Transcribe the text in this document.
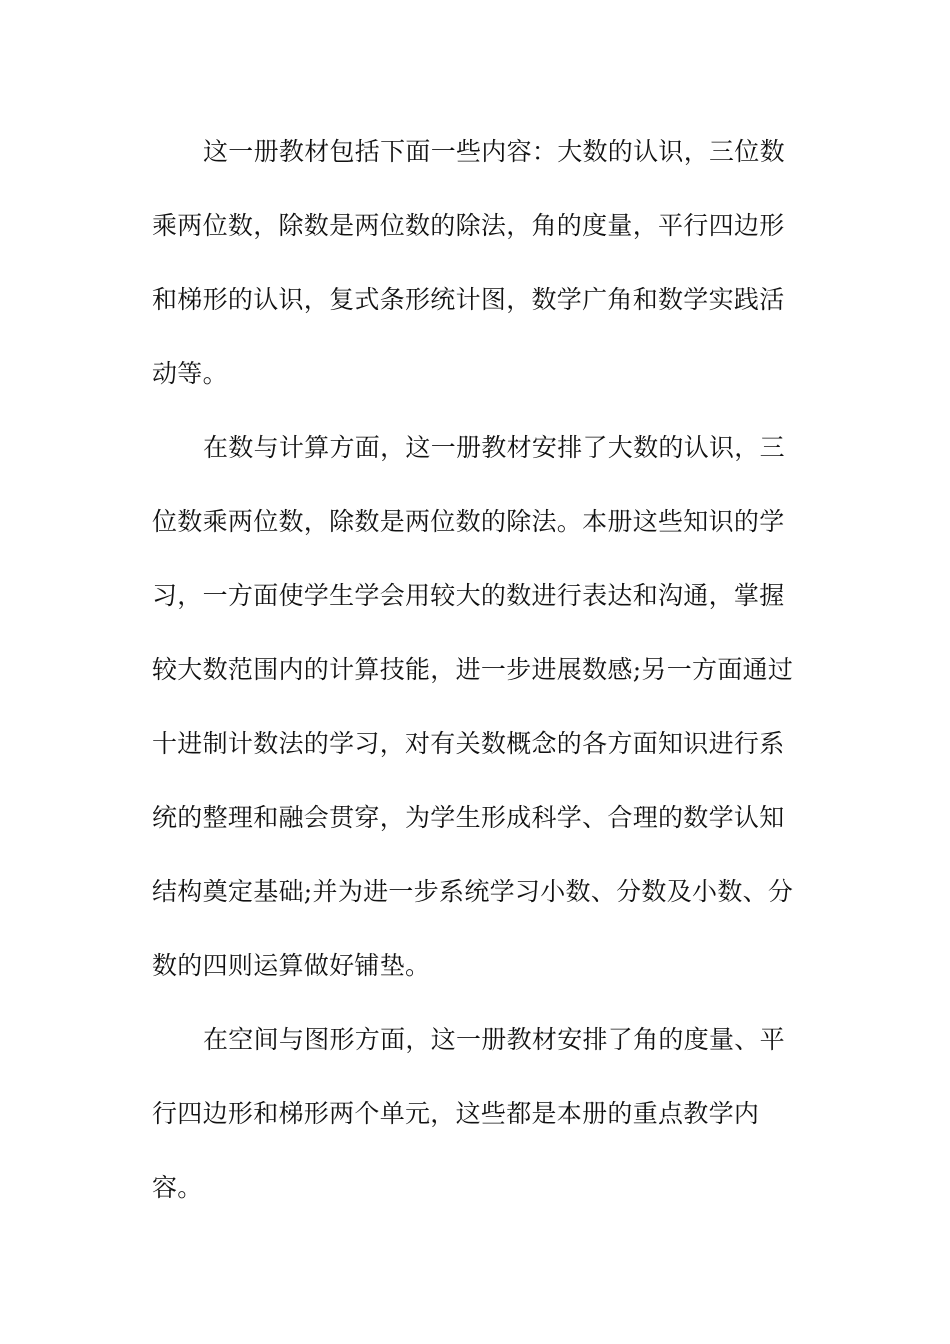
这一册教材包括下面一些内容：大数的认识，三位数
乘两位数，除数是两位数的除法，角的度量，平行四边形
和梯形的认识，复式条形统计图，数学广角和数学实践活
动等。
在数与计算方面，这一册教材安排了大数的认识，三
位数乘两位数，除数是两位数的除法。本册这些知识的学
习，一方面使学生学会用较大的数进行表达和沟通，掌握
较大数范围内的计算技能，进一步进展数感;另一方面通过
十进制计数法的学习，对有关数概念的各方面知识进行系
统的整理和融会贯穿，为学生形成科学、合理的数学认知
结构奠定基础;并为进一步系统学习小数、分数及小数、分
数的四则运算做好铺垫。
在空间与图形方面，这一册教材安排了角的度量、平
行四边形和梯形两个单元，这些都是本册的重点教学内
容。
